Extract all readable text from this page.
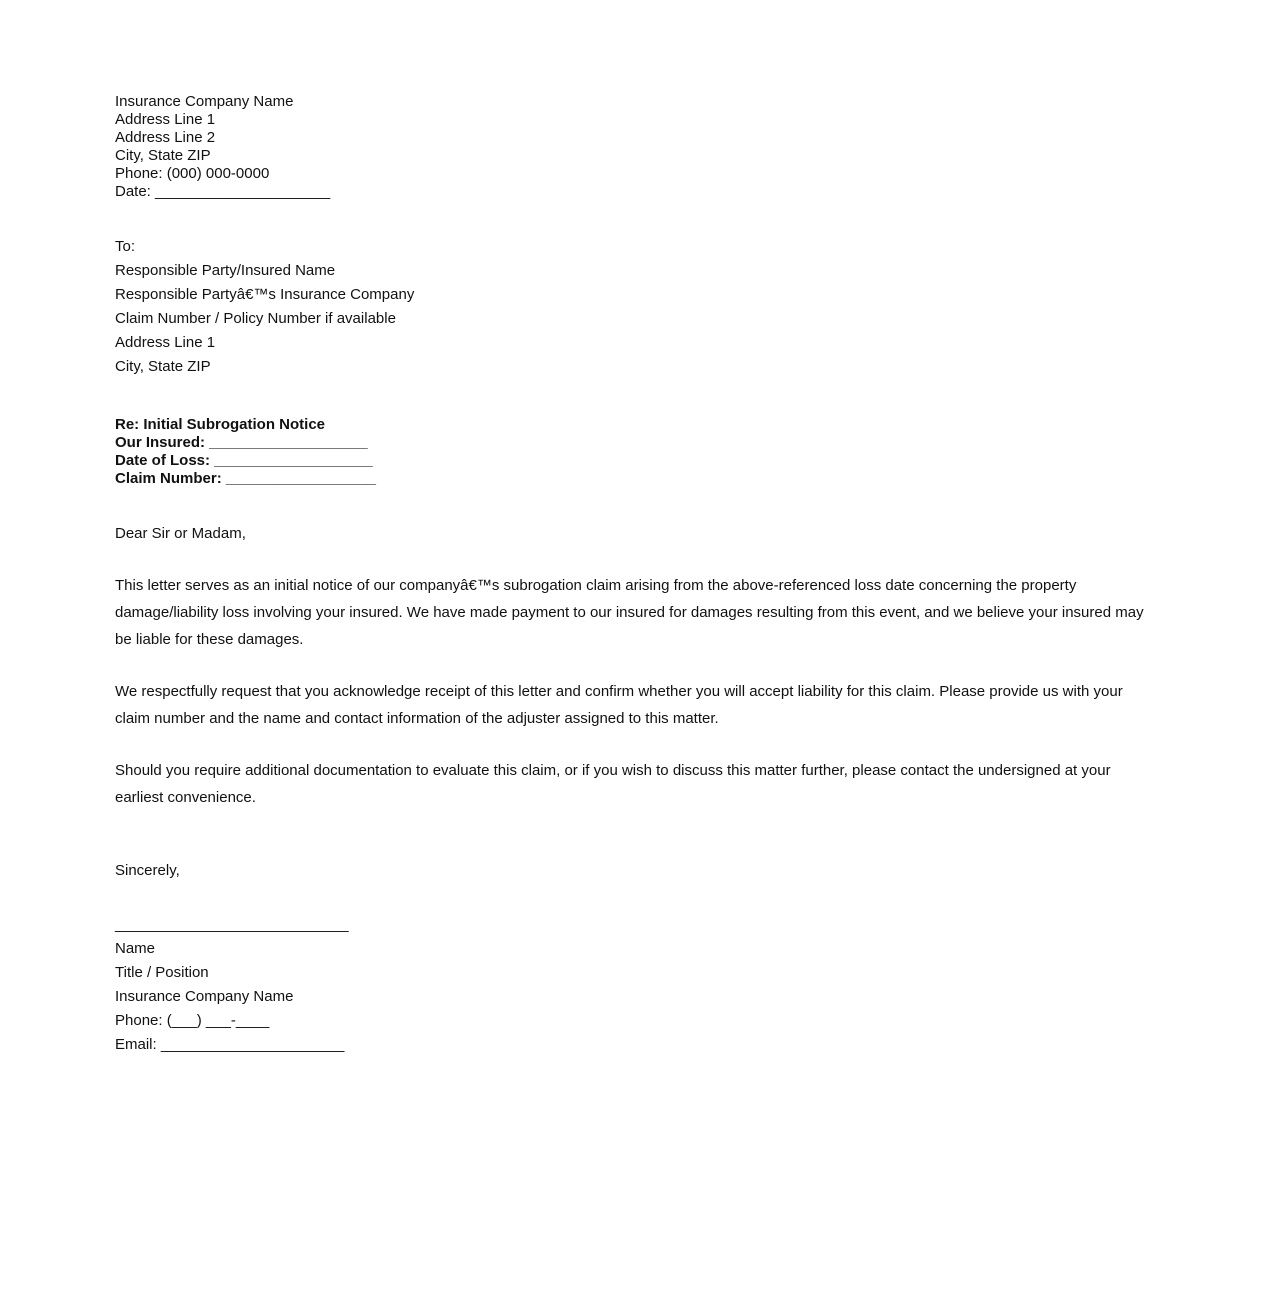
Insurance Company Name
Address Line 1
Address Line 2
City, State ZIP
Phone: (000) 000-0000
Date: _____________________
To:
Responsible Party/Insured Name
Responsible Partyâ€™s Insurance Company
Claim Number / Policy Number if available
Address Line 1
City, State ZIP
Re: Initial Subrogation Notice
Our Insured: ___________________
Date of Loss: ___________________
Claim Number: __________________
Dear Sir or Madam,
This letter serves as an initial notice of our companyâ€™s subrogation claim arising from the above-referenced loss date concerning the property damage/liability loss involving your insured. We have made payment to our insured for damages resulting from this event, and we believe your insured may be liable for these damages.
We respectfully request that you acknowledge receipt of this letter and confirm whether you will accept liability for this claim. Please provide us with your claim number and the name and contact information of the adjuster assigned to this matter.
Should you require additional documentation to evaluate this claim, or if you wish to discuss this matter further, please contact the undersigned at your earliest convenience.
Sincerely,
____________________________
Name
Title / Position
Insurance Company Name
Phone: (___) ___-____
Email: ______________________
